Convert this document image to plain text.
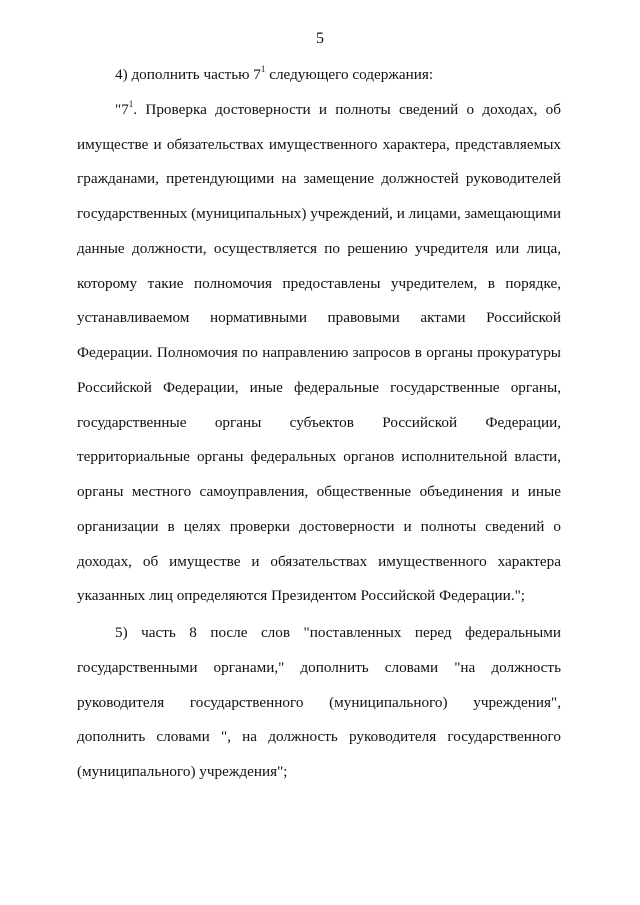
5
4) дополнить частью $7^1$ следующего содержания:
"$7^1$. Проверка достоверности и полноты сведений о доходах, об
имуществе и обязательствах имущественного характера, представляемых
гражданами, претендующими на замещение должностей руководителей
государственных (муниципальных) учреждений, и лицами, замещающими
данные должности, осуществляется по решению учредителя или лица,
которому такие полномочия предоставлены учредителем, в порядке,
устанавливаемом нормативными правовыми актами Российской
Федерации. Полномочия по направлению запросов в органы прокуратуры
Российской Федерации, иные федеральные государственные органы,
государственные органы субъектов Российской Федерации,
территориальные органы федеральных органов исполнительной власти,
органы местного самоуправления, общественные объединения и иные
организации в целях проверки достоверности и полноты сведений о
доходах, об имуществе и обязательствах имущественного характера
указанных лиц определяются Президентом Российской Федерации.";
5) часть 8 после слов "поставленных перед федеральными
государственными органами," дополнить словами "на должность
руководителя государственного (муниципального) учреждения",
дополнить словами ", на должность руководителя государственного
(муниципального) учреждения";
